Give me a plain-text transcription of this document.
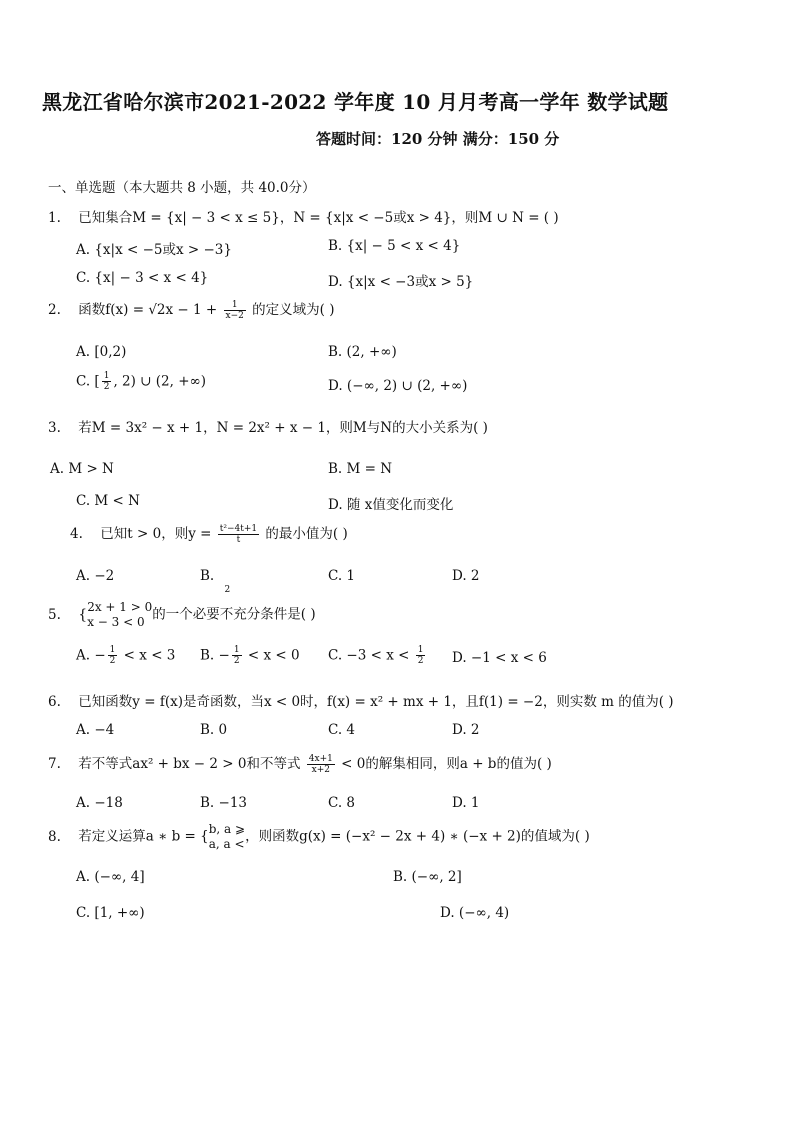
黑龙江省哈尔滨市2021-2022 学年度 10 月月考高一学年 数学试题
答题时间：120 分钟 满分：150 分
一、单选题（本大题共 8 小题，共 40.0分）
1. 已知集合M = {x| − 3 < x ≤ 5}，N = {x|x < −5或x > 4}，则M ∪ N = ( )
A. {x|x < −5或x > −3}	B. {x| − 5 < x < 4}
C. {x| − 3 < x < 4}	D. {x|x < −3或x > 5}
2. 函数$f(x) = √2x - 1 + \frac{1}{x-2}$ 的定义域为( )
A. [0,2)	B. (2, +∞)
C. [ $\frac{1}{2}$ , 2) ∪ (2, +∞)	D. (−∞, 2) ∪ (2, +∞)
3. 若M = 3x² − x + 1，N = 2x² + x − 1，则M与N的大小关系为( )
A. M > N	B. M = N
C. M < N	D. 随 x值变化而变化
4. 已知t > 0，则$y = \frac{\text{t²−4t+1}}{t}$ 的最小值为( )
A. −2	B. $_2$
C. 1	D. 2
5. { 2x + 1 > 0
x − 3 < 0 的一个必要不充分条件是( )
A. − $\frac{1}{2} < x < 3$ B. − $\frac{1}{2} < x < 0$ C. $-3 < x < \frac{1}{2} D$. −1 < x < 6
6. 已知函数y = f(x)是奇函数，当x < 0时，f(x) = x² + mx + 1，且f(1) = −2，则实数 m 的值为( )
A. −4	B. 0	C. 4	D. 2
7. 若不等式ax² + bx − 2 > 0和不等式 $\frac{4x+1}{x+2} < 0$的解集相同，则a + b的值为( )
A. −18	B. −13	C. 8	D. 1
8. 若定义运算a ∗ b = { b, a ⩾
a, a < ，则函数g(x) = (−x² − 2x + 4) ∗ (−x + 2)的值域为( )
A. (−∞, 4]	B. (−∞, 2]
C. [1, +∞)	D. (−∞, 4)
